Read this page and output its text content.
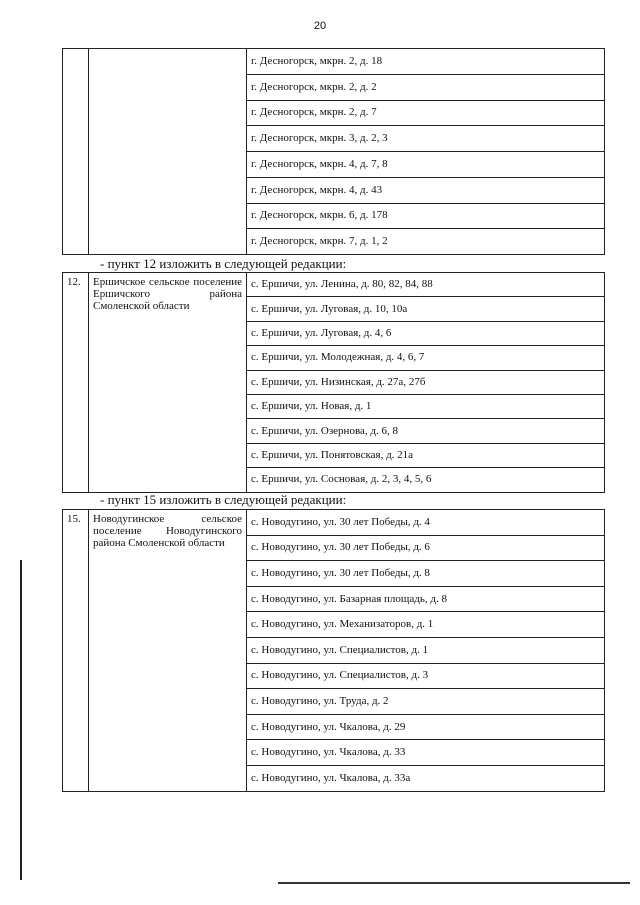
20
		г. Десногорск, мкрн. 2, д. 18
г. Десногорск, мкрн. 2, д. 2
г. Десногорск, мкрн. 2, д. 7
г. Десногорск, мкрн. 3, д. 2, 3
г. Десногорск, мкрн. 4, д. 7, 8
г. Десногорск, мкрн. 4, д. 43
г. Десногорск, мкрн. 6, д. 178
г. Десногорск, мкрн. 7, д. 1, 2
- пункт 12 изложить в следующей редакции:
12.	Ершичское сельское поселение Ершичского района Смоленской области	с. Ершичи, ул. Ленина, д. 80, 82, 84, 88
с. Ершичи, ул. Луговая, д. 10, 10а
с. Ершичи, ул. Луговая, д. 4, 6
с. Ершичи, ул. Молодежная, д. 4, 6, 7
с. Ершичи, ул. Низинская, д. 27а, 27б
с. Ершичи, ул. Новая, д. 1
с. Ершичи, ул. Озернова, д. 6, 8
с. Ершичи, ул. Понятовская, д. 21а
с. Ершичи, ул. Сосновая, д. 2, 3, 4, 5, 6
- пункт 15 изложить в следующей редакции:
15.	Новодугинское сельское поселение Новодугинского района Смоленской области	с. Новодугино, ул. 30 лет Победы, д. 4
с. Новодугино, ул. 30 лет Победы, д. 6
с. Новодугино, ул. 30 лет Победы, д. 8
с. Новодугино, ул. Базарная площадь, д. 8
с. Новодугино, ул. Механизаторов, д. 1
с. Новодугино, ул. Специалистов, д. 1
с. Новодугино, ул. Специалистов, д. 3
с. Новодугино, ул. Труда, д. 2
с. Новодугино, ул. Чкалова, д. 29
с. Новодугино, ул. Чкалова, д. 33
с. Новодугино, ул. Чкалова, д. 33а
